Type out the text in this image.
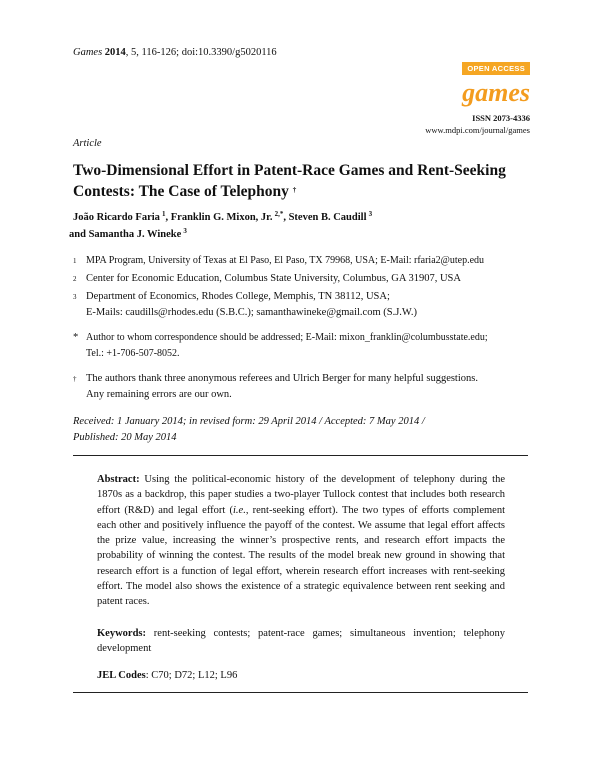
Games 2014, 5, 116-126; doi:10.3390/g5020116
OPEN ACCESS
games
ISSN 2073-4336
www.mdpi.com/journal/games
Article
Two-Dimensional Effort in Patent-Race Games and Rent-Seeking Contests: The Case of Telephony †
João Ricardo Faria  $^1$, Franklin G. Mixon, Jr.  $^{2,*}$, Steven B. Caudill  $^3$
and Samantha J. Wineke  $^3$
1 MPA Program, University of Texas at El Paso, El Paso, TX 79968, USA; E-Mail: rfaria2@utep.edu
2 Center for Economic Education, Columbus State University, Columbus, GA 31907, USA
3 Department of Economics, Rhodes College, Memphis, TN 38112, USA;
E-Mails: caudills@rhodes.edu (S.B.C.); samanthawineke@gmail.com (S.J.W.)
* Author to whom correspondence should be addressed; E-Mail: mixon_franklin@columbusstate.edu;
Tel.: +1-706-507-8052.
† The authors thank three anonymous referees and Ulrich Berger for many helpful suggestions.
Any remaining errors are our own.
Received: 1 January 2014; in revised form: 29 April 2014 / Accepted: 7 May 2014 /
Published: 20 May 2014
Abstract: Using the political-economic history of the development of telephony during the 1870s as a backdrop, this paper studies a two-player Tullock contest that includes both research effort (R&D) and legal effort (i.e., rent-seeking effort). The two types of efforts complement each other and positively influence the payoff of the contest. We assume that legal effort affects the prize value, increasing the winner’s prospective rents, and research effort impacts the probability of winning the contest. The results of the model break new ground in showing that research effort is a function of legal effort, wherein research effort increases with rent-seeking effort. The model also shows the existence of a strategic equivalence between rent seeking and patent races.
Keywords: rent-seeking contests; patent-race games; simultaneous invention; telephony development
JEL Codes: C70; D72; L12; L96
